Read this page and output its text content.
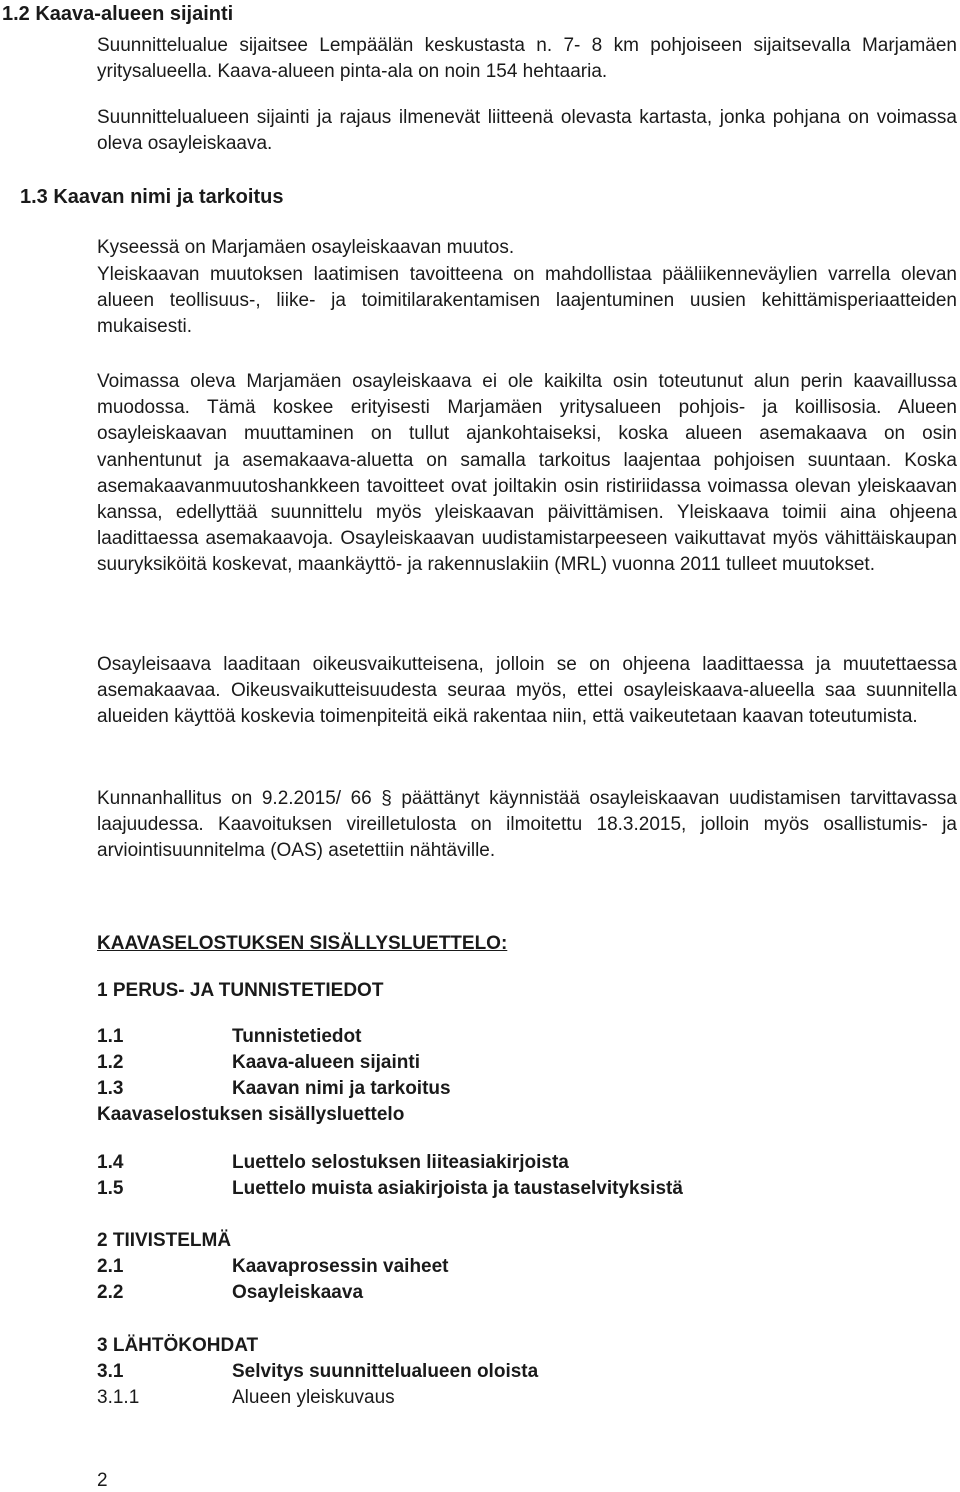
1.2 Kaava-alueen sijainti

Suunnittelualue sijaitsee Lempäälän keskustasta n. 7- 8 km pohjoiseen sijaitsevalla Marjamäen yritysalueella. Kaava-alueen pinta-ala on noin 154 hehtaaria.

Suunnittelualueen sijainti ja rajaus ilmenevät liitteenä olevasta kartasta, jonka pohjana on voimassa oleva osayleiskaava.

1.3 Kaavan nimi ja tarkoitus

Kyseessä on Marjamäen osayleiskaavan muutos.

Yleiskaavan muutoksen laatimisen tavoitteena on mahdollistaa pääliikenneväylien varrella olevan alueen teollisuus-, liike- ja toimitilarakentamisen laajentuminen uusien kehittämisperiaatteiden mukaisesti.

Voimassa oleva Marjamäen osayleiskaava ei ole kaikilta osin toteutunut alun perin kaavaillussa muodossa. Tämä koskee erityisesti Marjamäen yritysalueen pohjois- ja koillisosia. Alueen osayleiskaavan muuttaminen on tullut ajankohtaiseksi, koska alueen asemakaava on osin vanhentunut ja asemakaava-aluetta on samalla tarkoitus laajentaa pohjoisen suuntaan. Koska asemakaavanmuutoshankkeen tavoitteet ovat joiltakin osin ristiriidassa voimassa olevan yleiskaavan kanssa, edellyttää suunnittelu myös yleiskaavan päivittämisen. Yleiskaava toimii aina ohjeena laadittaessa asemakaavoja. Osayleiskaavan uudistamistarpeeseen vaikuttavat myös vähittäiskaupan suuryksiköitä koskevat, maankäyttö- ja rakennuslakiin (MRL) vuonna 2011 tulleet muutokset.

Osayleisaava laaditaan oikeusvaikutteisena, jolloin se on ohjeena laadittaessa ja muutettaessa asemakaavaa. Oikeusvaikutteisuudesta seuraa myös, ettei osayleiskaava-alueella saa suunnitella alueiden käyttöä koskevia toimenpiteitä eikä rakentaa niin, että vaikeutetaan kaavan toteutumista.

Kunnanhallitus on 9.2.2015/ 66 § päättänyt käynnistää osayleiskaavan uudistamisen tarvittavassa laajuudessa. Kaavoituksen vireilletulosta on ilmoitettu 18.3.2015, jolloin myös osallistumis- ja arviointisuunnitelma (OAS) asetettiin nähtäville.

KAAVASELOSTUKSEN SISÄLLYSLUETTELO:
1 PERUS- JA TUNNISTETIEDOT
1.1	Tunnistetiedot
1.2	Kaava-alueen sijainti
1.3	Kaavan nimi ja tarkoitus
Kaavaselostuksen sisällysluettelo
1.4	Luettelo selostuksen liiteasiakirjoista
1.5	Luettelo muista asiakirjoista ja taustaselvityksistä
2 TIIVISTELMÄ
2.1	Kaavaprosessin vaiheet
2.2	Osayleiskaava
3 LÄHTÖKOHDAT
3.1	Selvitys suunnittelualueen oloista
3.1.1	Alueen yleiskuvaus
2
